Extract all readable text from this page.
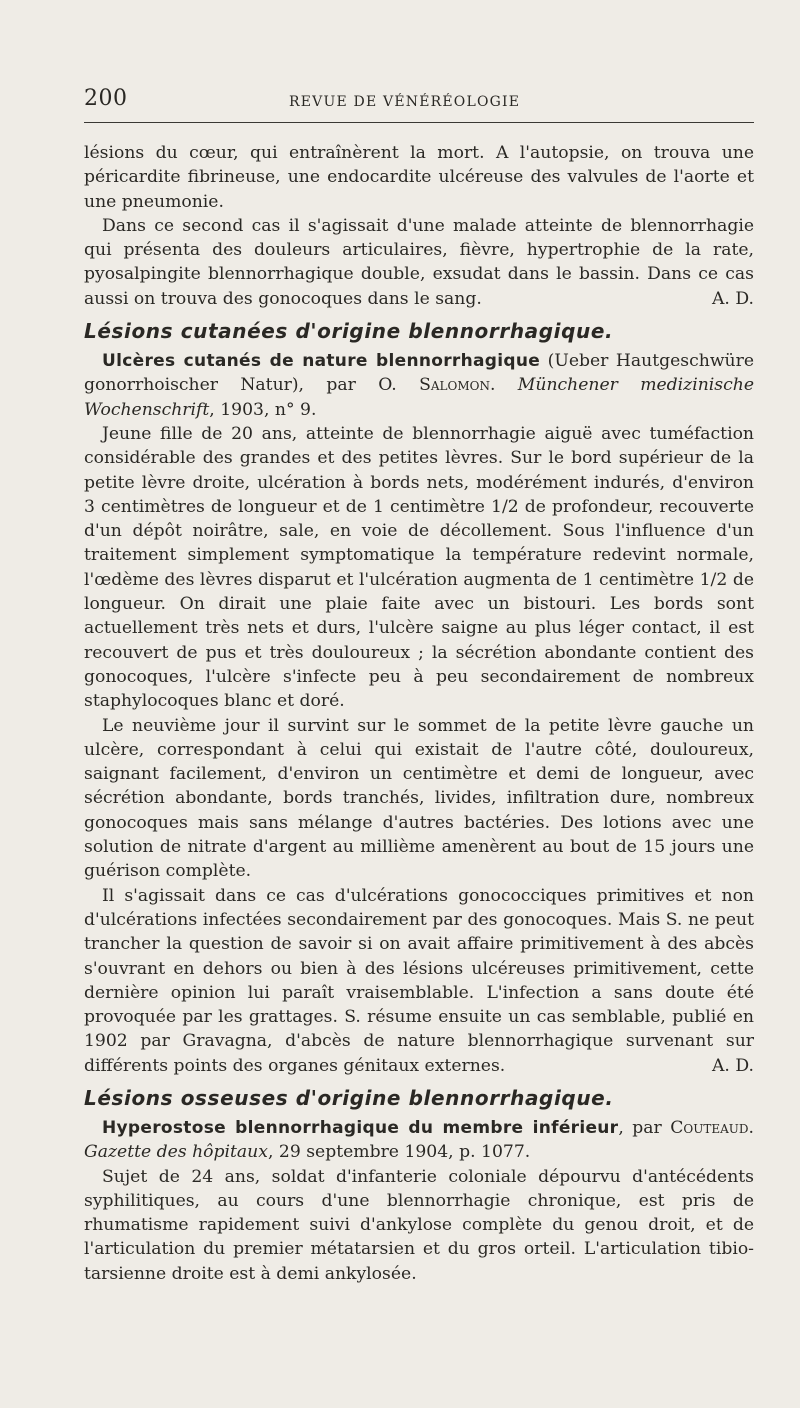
200	REVUE DE VÉNÉRÉOLOGIE

lésions du cœur, qui entraînèrent la mort. A l'autopsie, on trouva une péricardite fibrineuse, une endocardite ulcéreuse des valvules de l'aorte et une pneumonie.

Dans ce second cas il s'agissait d'une malade atteinte de blennorrhagie qui présenta des douleurs articulaires, fièvre, hypertrophie de la rate, pyosalpingite blennorrhagique double, exsudat dans le bassin. Dans ce cas aussi on trouva des gonocoques dans le sang.	A. D.

Lésions cutanées d'origine blennorrhagique.

Ulcères cutanés de nature blennorrhagique (Ueber Hautgeschwüre gonorrhoischer Natur), par O. Salomon. Münchener medizinische Wochenschrift, 1903, n° 9.

Jeune fille de 20 ans, atteinte de blennorrhagie aiguë avec tuméfaction considérable des grandes et des petites lèvres. Sur le bord supérieur de la petite lèvre droite, ulcération à bords nets, modérément indurés, d'environ 3 centimètres de longueur et de 1 centimètre 1/2 de profondeur, recouverte d'un dépôt noirâtre, sale, en voie de décollement. Sous l'influence d'un traitement simplement symptomatique la température redevint normale, l'œdème des lèvres disparut et l'ulcération augmenta de 1 centimètre 1/2 de longueur. On dirait une plaie faite avec un bistouri. Les bords sont actuellement très nets et durs, l'ulcère saigne au plus léger contact, il est recouvert de pus et très douloureux ; la sécrétion abondante contient des gonocoques, l'ulcère s'infecte peu à peu secondairement de nombreux staphylocoques blanc et doré.

Le neuvième jour il survint sur le sommet de la petite lèvre gauche un ulcère, correspondant à celui qui existait de l'autre côté, douloureux, saignant facilement, d'environ un centimètre et demi de longueur, avec sécrétion abondante, bords tranchés, livides, infiltration dure, nombreux gonocoques mais sans mélange d'autres bactéries. Des lotions avec une solution de nitrate d'argent au millième amenèrent au bout de 15 jours une guérison complète.

Il s'agissait dans ce cas d'ulcérations gonococciques primitives et non d'ulcérations infectées secondairement par des gonocoques. Mais S. ne peut trancher la question de savoir si on avait affaire primitivement à des abcès s'ouvrant en dehors ou bien à des lésions ulcéreuses primitivement, cette dernière opinion lui paraît vraisemblable. L'infection a sans doute été provoquée par les grattages. S. résume ensuite un cas semblable, publié en 1902 par Gravagna, d'abcès de nature blennorrhagique survenant sur différents points des organes génitaux externes.	A. D.

Lésions osseuses d'origine blennorrhagique.

Hyperostose blennorrhagique du membre inférieur, par Couteaud. Gazette des hôpitaux, 29 septembre 1904, p. 1077.

Sujet de 24 ans, soldat d'infanterie coloniale dépourvu d'antécédents syphilitiques, au cours d'une blennorrhagie chronique, est pris de rhumatisme rapidement suivi d'ankylose complète du genou droit, et de l'articulation du premier métatarsien et du gros orteil. L'articulation tibio-tarsienne droite est à demi ankylosée.
